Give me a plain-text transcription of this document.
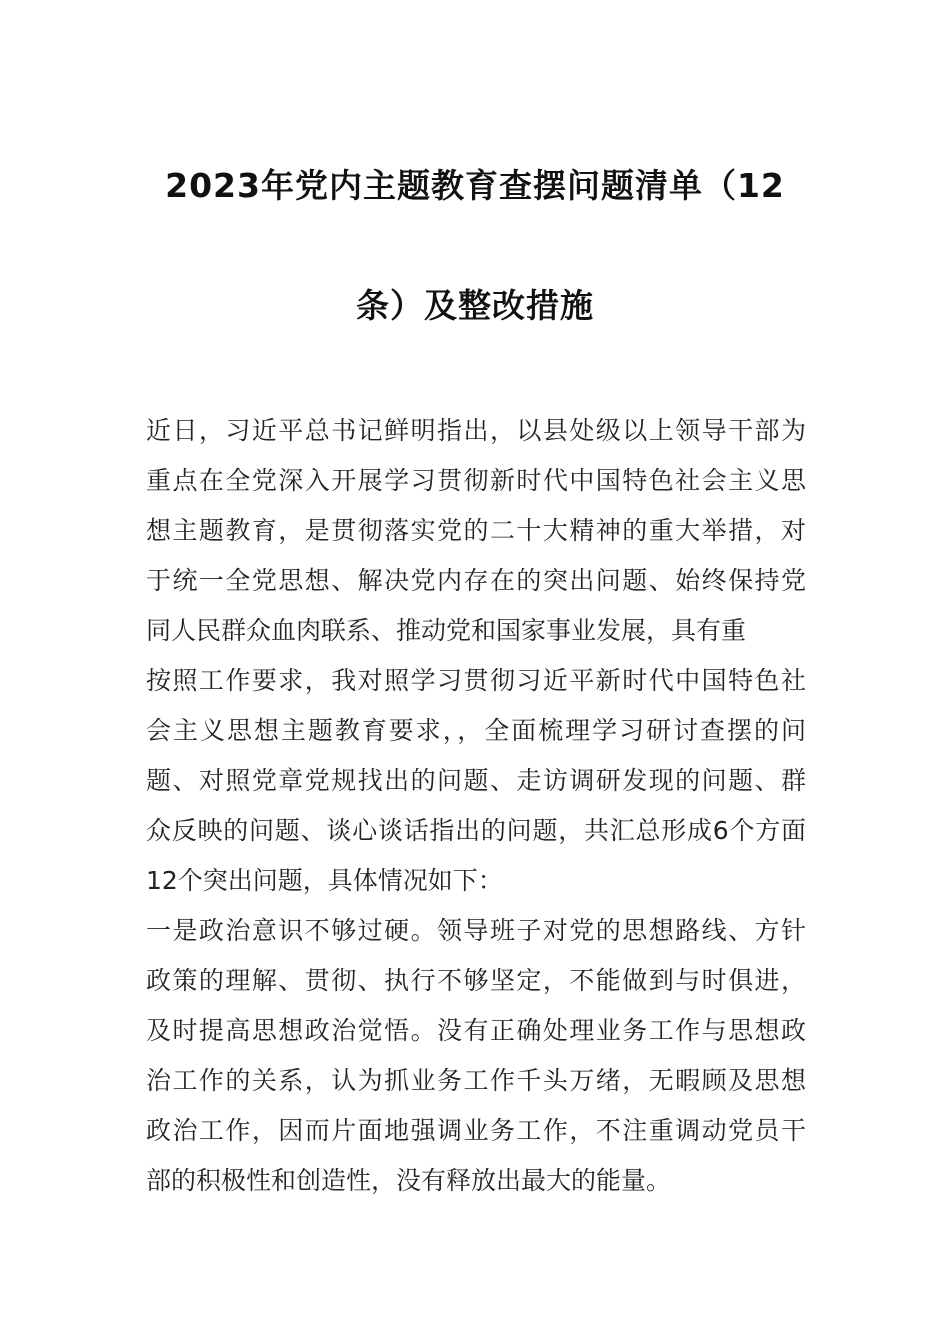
2023年党内主题教育查摆问题清单（12
条）及整改措施
近日，习近平总书记鲜明指出，以县处级以上领导干部为
重点在全党深入开展学习贯彻新时代中国特色社会主义思
想主题教育，是贯彻落实党的二十大精神的重大举措，对
于统一全党思想、解决党内存在的突出问题、始终保持党
同人民群众血肉联系、推动党和国家事业发展，具有重
按照工作要求，我对照学习贯彻习近平新时代中国特色社
会主义思想主题教育要求，，全面梳理学习研讨查摆的问
题、对照党章党规找出的问题、走访调研发现的问题、群
众反映的问题、谈心谈话指出的问题，共汇总形成6个方面
12个突出问题，具体情况如下：
一是政治意识不够过硬。领导班子对党的思想路线、方针
政策的理解、贯彻、执行不够坚定，不能做到与时俱进，
及时提高思想政治觉悟。没有正确处理业务工作与思想政
治工作的关系，认为抓业务工作千头万绪，无暇顾及思想
政治工作，因而片面地强调业务工作，不注重调动党员干
部的积极性和创造性，没有释放出最大的能量。
